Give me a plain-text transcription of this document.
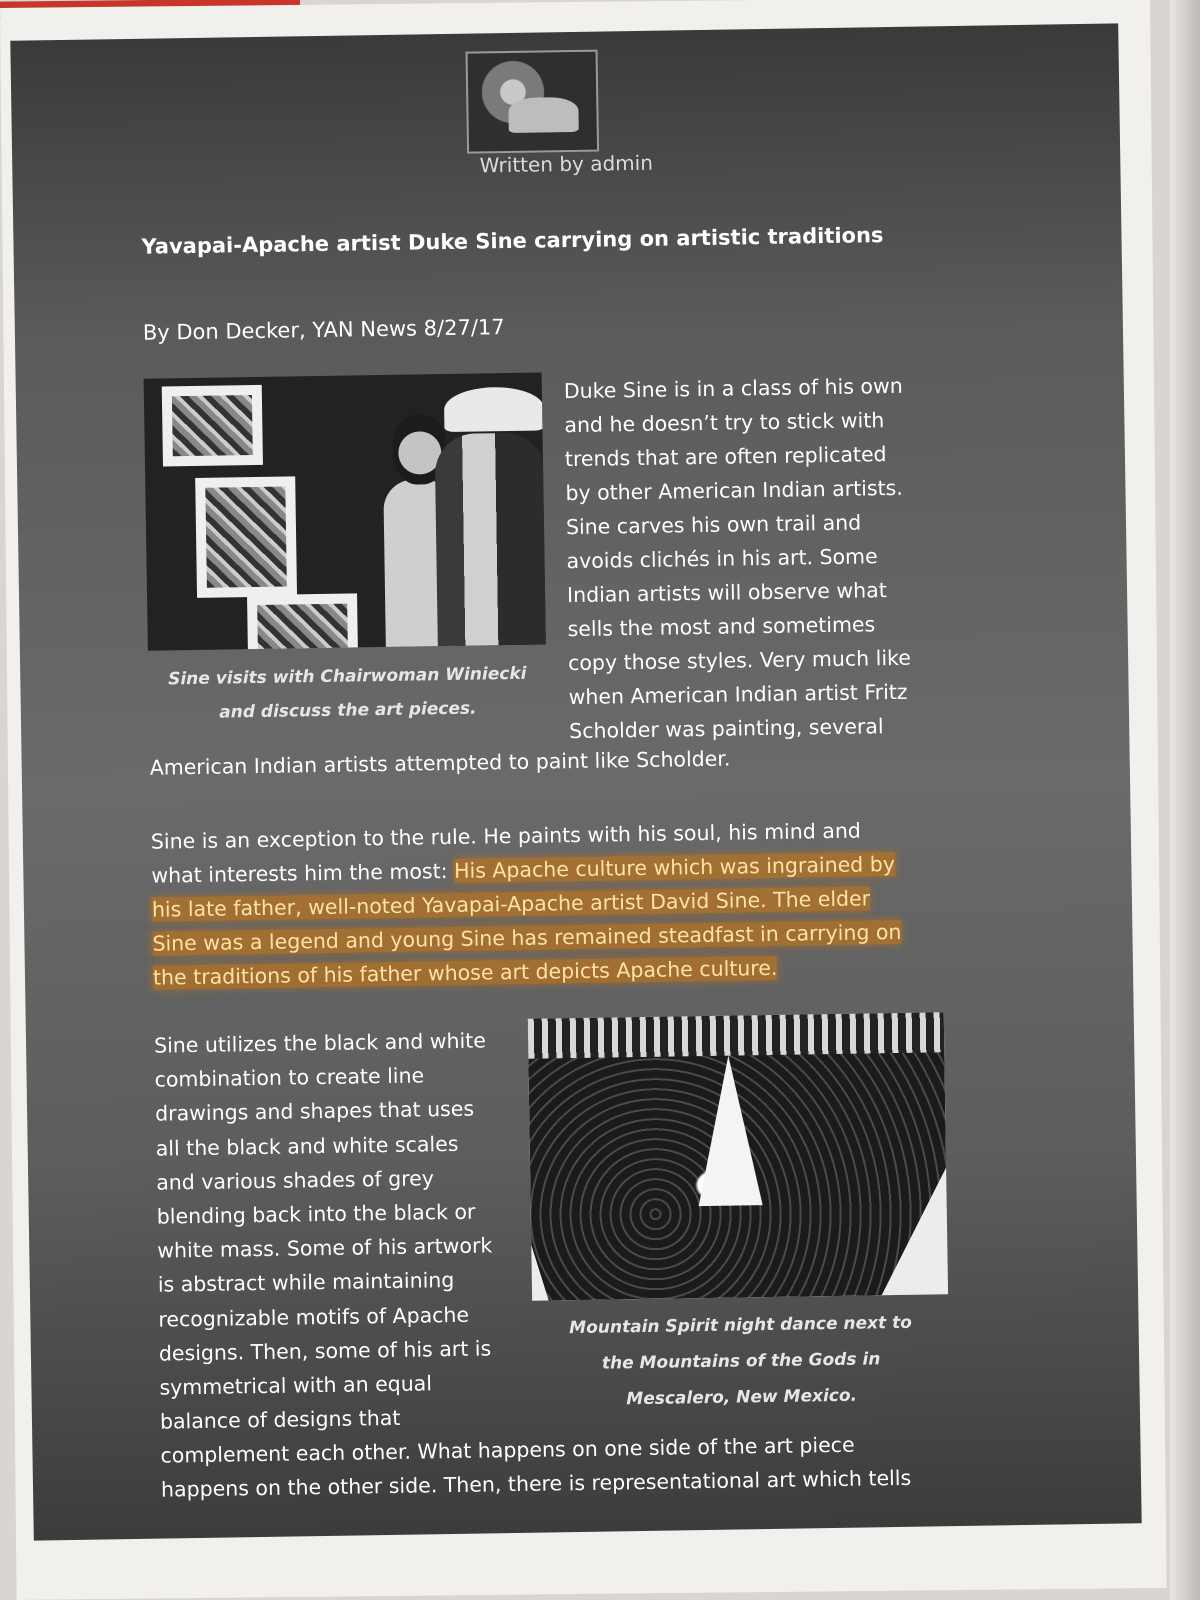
Written by admin
Yavapai-Apache artist Duke Sine carrying on artistic traditions
By Don Decker, YAN News 8/27/17
Sine visits with Chairwoman Winiecki
and discuss the art pieces.
Duke Sine is in a class of his own
and he doesn’t try to stick with
trends that are often replicated
by other American Indian artists.
Sine carves his own trail and
avoids clichés in his art. Some
Indian artists will observe what
sells the most and sometimes
copy those styles. Very much like
when American Indian artist Fritz
Scholder was painting, several
American Indian artists attempted to paint like Scholder.
Sine is an exception to the rule. He paints with his soul, his mind and
what interests him the most: His Apache culture which was ingrained by
his late father, well-noted Yavapai-Apache artist David Sine. The elder
Sine was a legend and young Sine has remained steadfast in carrying on
the traditions of his father whose art depicts Apache culture.
Sine utilizes the black and white
combination to create line
drawings and shapes that uses
all the black and white scales
and various shades of grey
blending back into the black or
white mass. Some of his artwork
is abstract while maintaining
recognizable motifs of Apache
designs. Then, some of his art is
symmetrical with an equal
balance of designs that
Mountain Spirit night dance next to
the Mountains of the Gods in
Mescalero, New Mexico.
complement each other. What happens on one side of the art piece
happens on the other side. Then, there is representational art which tells
